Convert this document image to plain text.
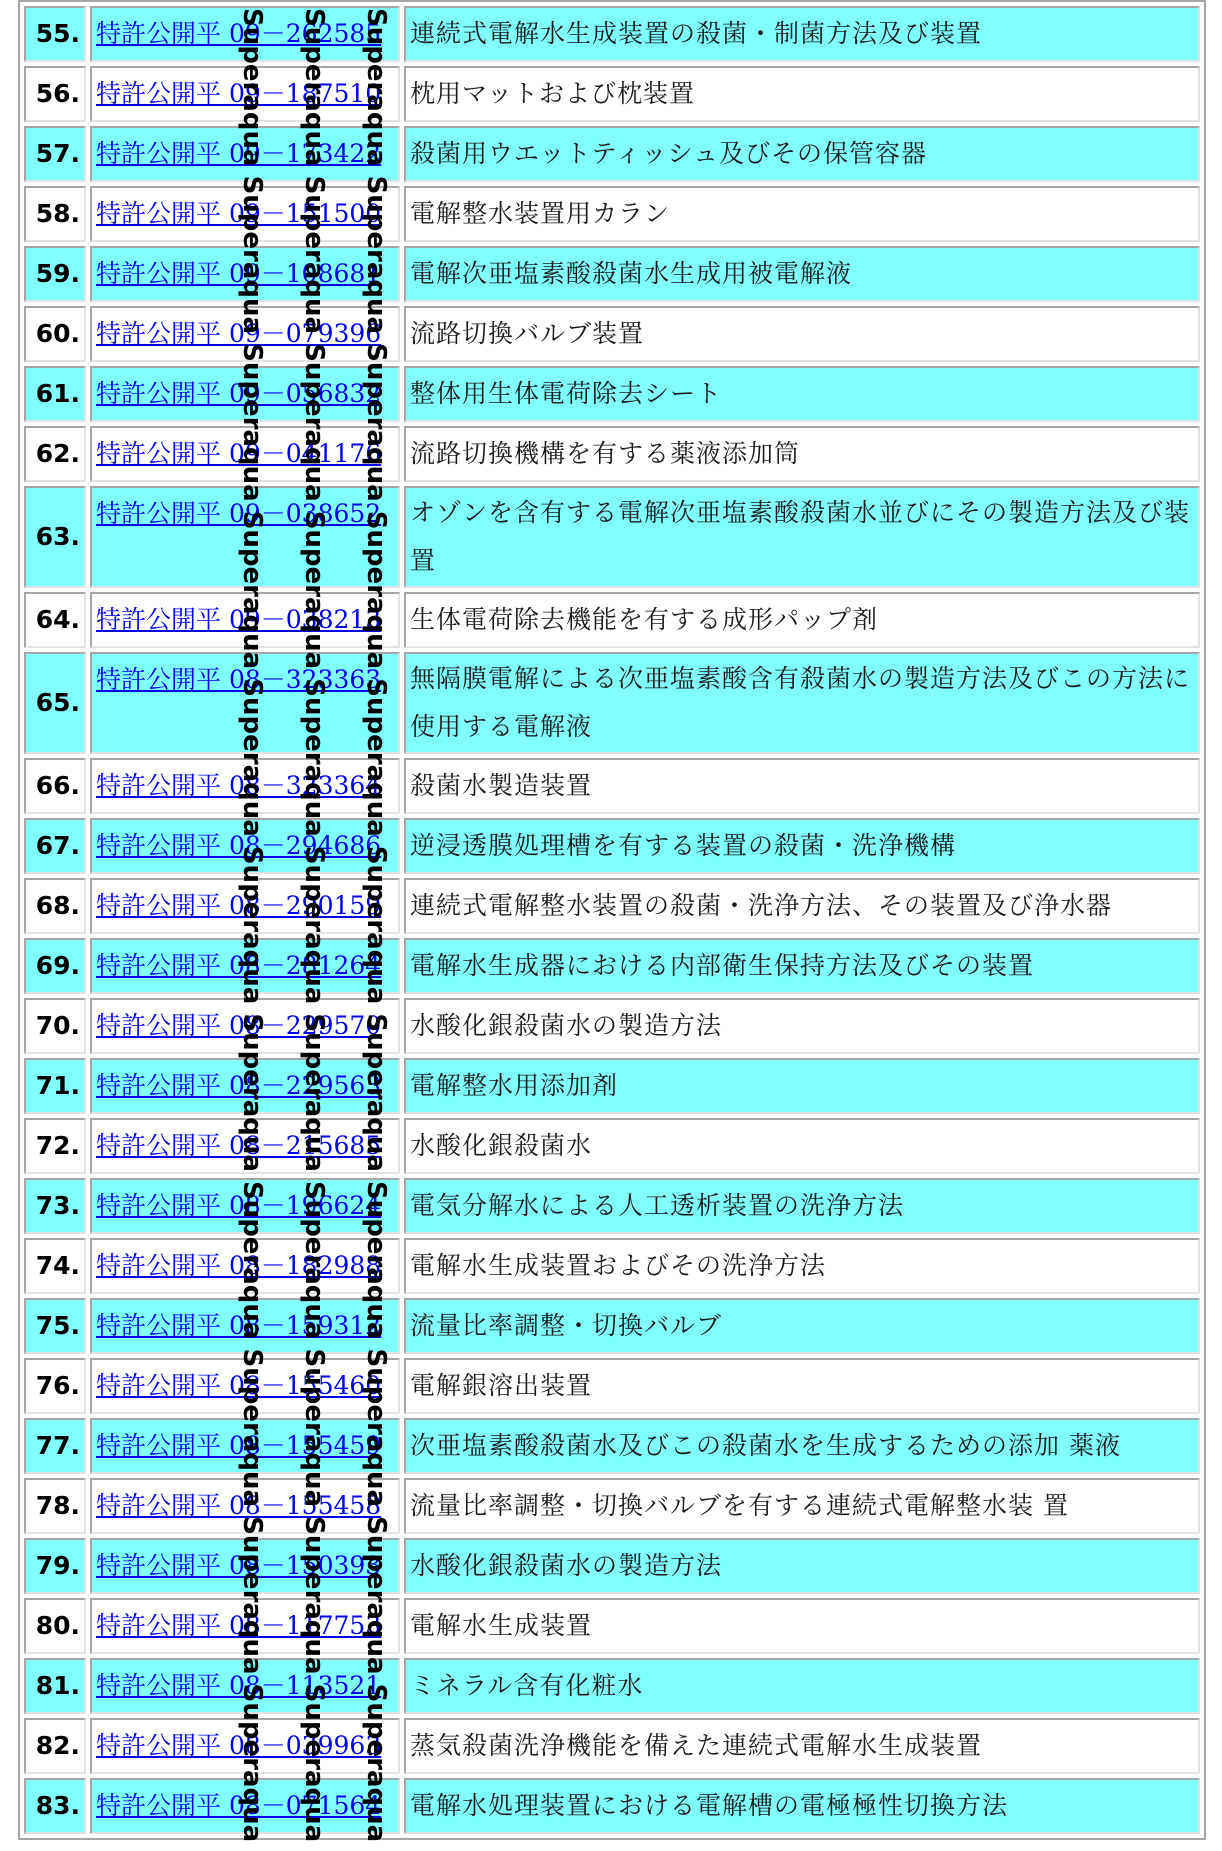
55.	特許公開平 09－262585	連続式電解水生成装置の殺菌・制菌方法及び装置
56.	特許公開平 09－187510	枕用マットおよび枕装置
57.	特許公開平 09－173422	殺菌用ウエットティッシュ及びその保管容器
58.	特許公開平 09－151500	電解整水装置用カラン
59.	特許公開平 09－108681	電解次亜塩素酸殺菌水生成用被電解液
60.	特許公開平 09－079396	流路切換バルブ装置
61.	特許公開平 09－056832	整体用生体電荷除去シート
62.	特許公開平 09－041176	流路切換機構を有する薬液添加筒
63.	特許公開平 09－038652	オゾンを含有する電解次亜塩素酸殺菌水並びにその製造方法及び装置
64.	特許公開平 09－038213	生体電荷除去機能を有する成形パップ剤
65.	特許公開平 08－323363	無隔膜電解による次亜塩素酸含有殺菌水の製造方法及びこの方法に使用する電解液
66.	特許公開平 08－323364	殺菌水製造装置
67.	特許公開平 08－294686	逆浸透膜処理槽を有する装置の殺菌・洗浄機構
68.	特許公開平 08－290159	連続式電解整水装置の殺菌・洗浄方法、その装置及び浄水器
69.	特許公開平 08－281264	電解水生成器における内部衛生保持方法及びその装置
70.	特許公開平 08－229570	水酸化銀殺菌水の製造方法
71.	特許公開平 08－229563	電解整水用添加剤
72.	特許公開平 08－215685	水酸化銀殺菌水
73.	特許公開平 08－196624	電気分解水による人工透析装置の洗浄方法
74.	特許公開平 08－182988	電解水生成装置およびその洗浄方法
75.	特許公開平 08－159312	流量比率調整・切換バルブ
76.	特許公開平 08－155460	電解銀溶出装置
77.	特許公開平 08－155459	次亜塩素酸殺菌水及びこの殺菌水を生成するための添加 薬液
78.	特許公開平 08－155458	流量比率調整・切換バルブを有する連続式電解整水装 置
79.	特許公開平 08－150393	水酸化銀殺菌水の製造方法
80.	特許公開平 08－117753	電解水生成装置
81.	特許公開平 08－113521	ミネラル含有化粧水
82.	特許公開平 08－039963	蒸気殺菌洗浄機能を備えた連続式電解水生成装置
83.	特許公開平 08－071564	電解水処理装置における電解槽の電極極性切換方法
Superaqua Superaqua Superaqua Superaqua Superaqua Superaqua Superaqua Superaqua Superaqua Superaqua Superaqua Superaqua Superaqua Superaqua Superaqua Superaqua Superaqua Superaqua Superaqua Superaqua Superaqua Superaqua Superaqua Superaqua Superaqua Superaqua Superaqua Superaqua Superaqua Superaqua Superaqua Superaqua Superaqua
